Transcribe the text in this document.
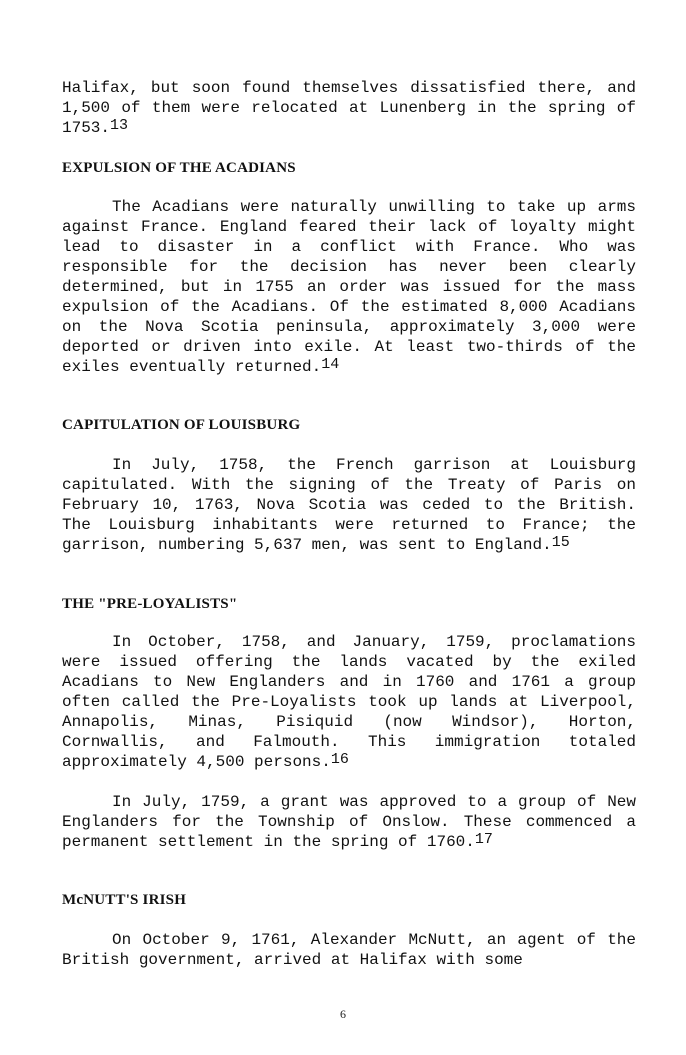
Halifax, but soon found themselves dissatisfied there, and 1,500 of them were relocated at Lunenberg in the spring of 1753.13

EXPULSION OF THE ACADIANS

The Acadians were naturally unwilling to take up arms against France. England feared their lack of loyalty might lead to disaster in a conflict with France. Who was responsible for the decision has never been clearly determined, but in 1755 an order was issued for the mass expulsion of the Acadians. Of the estimated 8,000 Acadians on the Nova Scotia peninsula, approximately 3,000 were deported or driven into exile. At least two-thirds of the exiles eventually returned.$^{14}$

CAPITULATION OF LOUISBURG

In July, 1758, the French garrison at Louisburg capitulated. With the signing of the Treaty of Paris on February 10, 1763, Nova Scotia was ceded to the British. The Louisburg inhabitants were returned to France; the garrison, numbering 5,637 men, was sent to England.$^{15}$

THE "PRE-LOYALISTS"

In October, 1758, and January, 1759, proclamations were issued offering the lands vacated by the exiled Acadians to New Englanders and in 1760 and 1761 a group often called the Pre-Loyalists took up lands at Liverpool, Annapolis, Minas, Pisiquid (now Windsor), Horton, Cornwallis, and Falmouth. This immigration totaled approximately 4,500 persons.$^{16}$

In July, 1759, a grant was approved to a group of New Englanders for the Township of Onslow. These commenced a permanent settlement in the spring of 1760.17

McNUTT'S IRISH

On October 9, 1761, Alexander McNutt, an agent of the British government, arrived at Halifax with some

6
